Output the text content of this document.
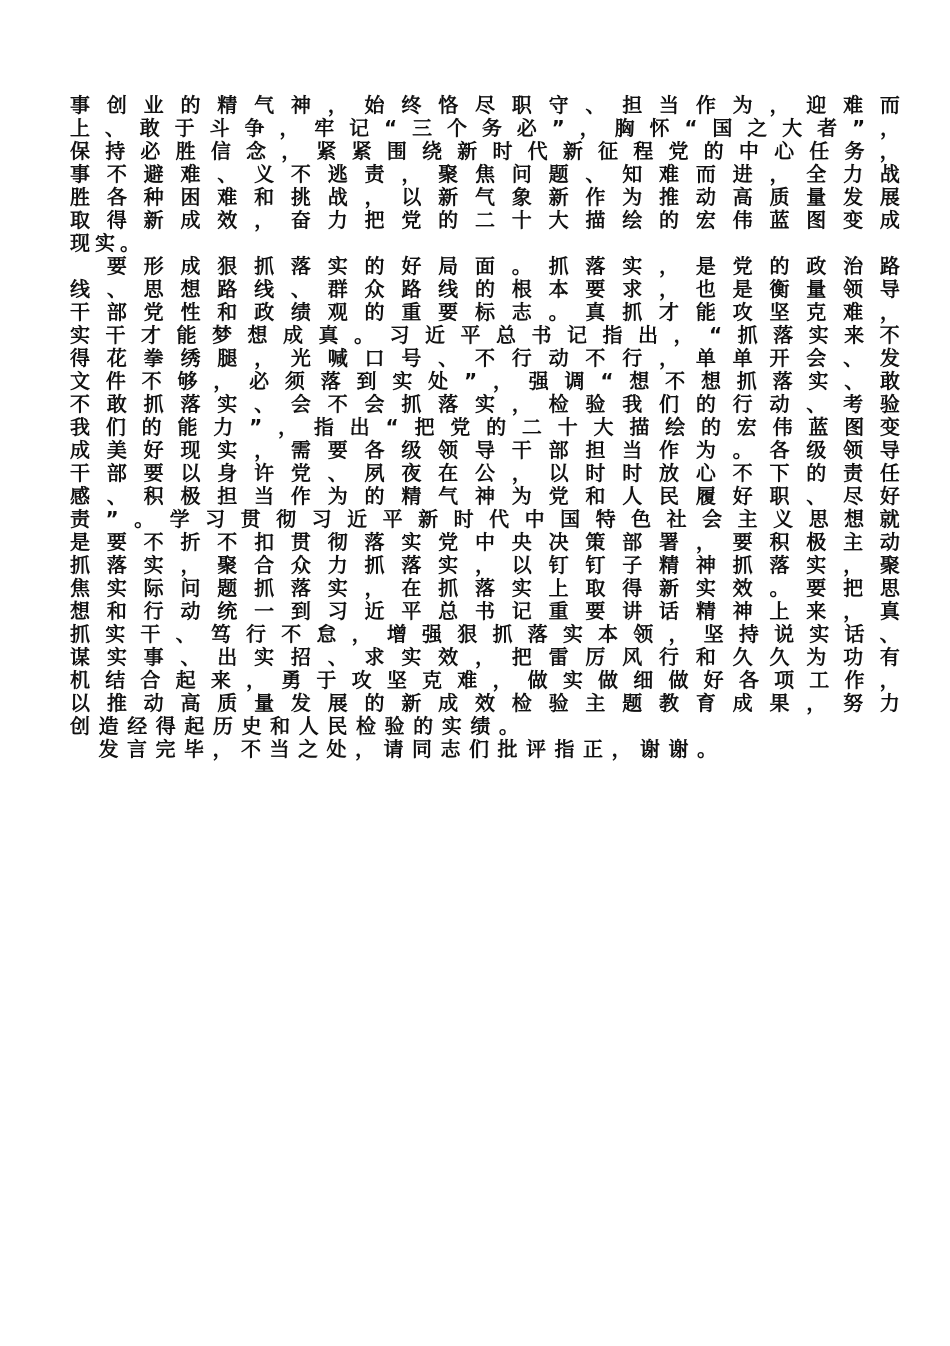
事 创 业 的 精 气 神 ， 始 终 恪 尽 职 守 、 担 当 作 为 ， 迎 难 而
上 、 敢 于 斗 争 ， 牢 记 “ 三 个 务 必 ” ， 胸 怀 “ 国 之 大 者 ” ，
保 持 必 胜 信 念 ， 紧 紧 围 绕 新 时 代 新 征 程 党 的 中 心 任 务 ，
事 不 避 难 、 义 不 逃 责 ， 聚 焦 问 题 、 知 难 而 进 ， 全 力 战
胜 各 种 困 难 和 挑 战 ， 以 新 气 象 新 作 为 推 动 高 质 量 发 展
取 得 新 成 效 ， 奋 力 把 党 的 二 十 大 描 绘 的 宏 伟 蓝 图 变 成
现 实 。

要 形 成 狠 抓 落 实 的 好 局 面 。 抓 落 实 ， 是 党 的 政 治 路
线 、 思 想 路 线 、 群 众 路 线 的 根 本 要 求 ， 也 是 衡 量 领 导
干 部 党 性 和 政 绩 观 的 重 要 标 志 。 真 抓 才 能 攻 坚 克 难 ，
实 干 才 能 梦 想 成 真 。 习 近 平 总 书 记 指 出 ， “ 抓 落 实 来 不
得 花 拳 绣 腿 ， 光 喊 口 号 、 不 行 动 不 行 ， 单 单 开 会 、 发
文 件 不 够 ， 必 须 落 到 实 处 ” ， 强 调 “ 想 不 想 抓 落 实 、 敢
不 敢 抓 落 实 、 会 不 会 抓 落 实 ， 检 验 我 们 的 行 动 、 考 验
我 们 的 能 力 ” ， 指 出 “ 把 党 的 二 十 大 描 绘 的 宏 伟 蓝 图 变
成 美 好 现 实 ， 需 要 各 级 领 导 干 部 担 当 作 为 。 各 级 领 导
干 部 要 以 身 许 党 、 夙 夜 在 公 ， 以 时 时 放 心 不 下 的 责 任
感 、 积 极 担 当 作 为 的 精 气 神 为 党 和 人 民 履 好 职 、 尽 好
责 ” 。 学 习 贯 彻 习 近 平 新 时 代 中 国 特 色 社 会 主 义 思 想 就
是 要 不 折 不 扣 贯 彻 落 实 党 中 央 决 策 部 署 ， 要 积 极 主 动
抓 落 实 ， 聚 合 众 力 抓 落 实 ， 以 钉 钉 子 精 神 抓 落 实 ， 聚
焦 实 际 问 题 抓 落 实 ， 在 抓 落 实 上 取 得 新 实 效 。 要 把 思
想 和 行 动 统 一 到 习 近 平 总 书 记 重 要 讲 话 精 神 上 来 ， 真
抓 实 干 、 笃 行 不 怠 ， 增 强 狠 抓 落 实 本 领 ， 坚 持 说 实 话 、
谋 实 事 、 出 实 招 、 求 实 效 ， 把 雷 厉 风 行 和 久 久 为 功 有
机 结 合 起 来 ， 勇 于 攻 坚 克 难 ， 做 实 做 细 做 好 各 项 工 作 ，
以 推 动 高 质 量 发 展 的 新 成 效 检 验 主 题 教 育 成 果 ， 努 力
创 造 经 得 起 历 史 和 人 民 检 验 的 实 绩 。

发 言 完 毕 ， 不 当 之 处 ， 请 同 志 们 批 评 指 正 ， 谢 谢 。
